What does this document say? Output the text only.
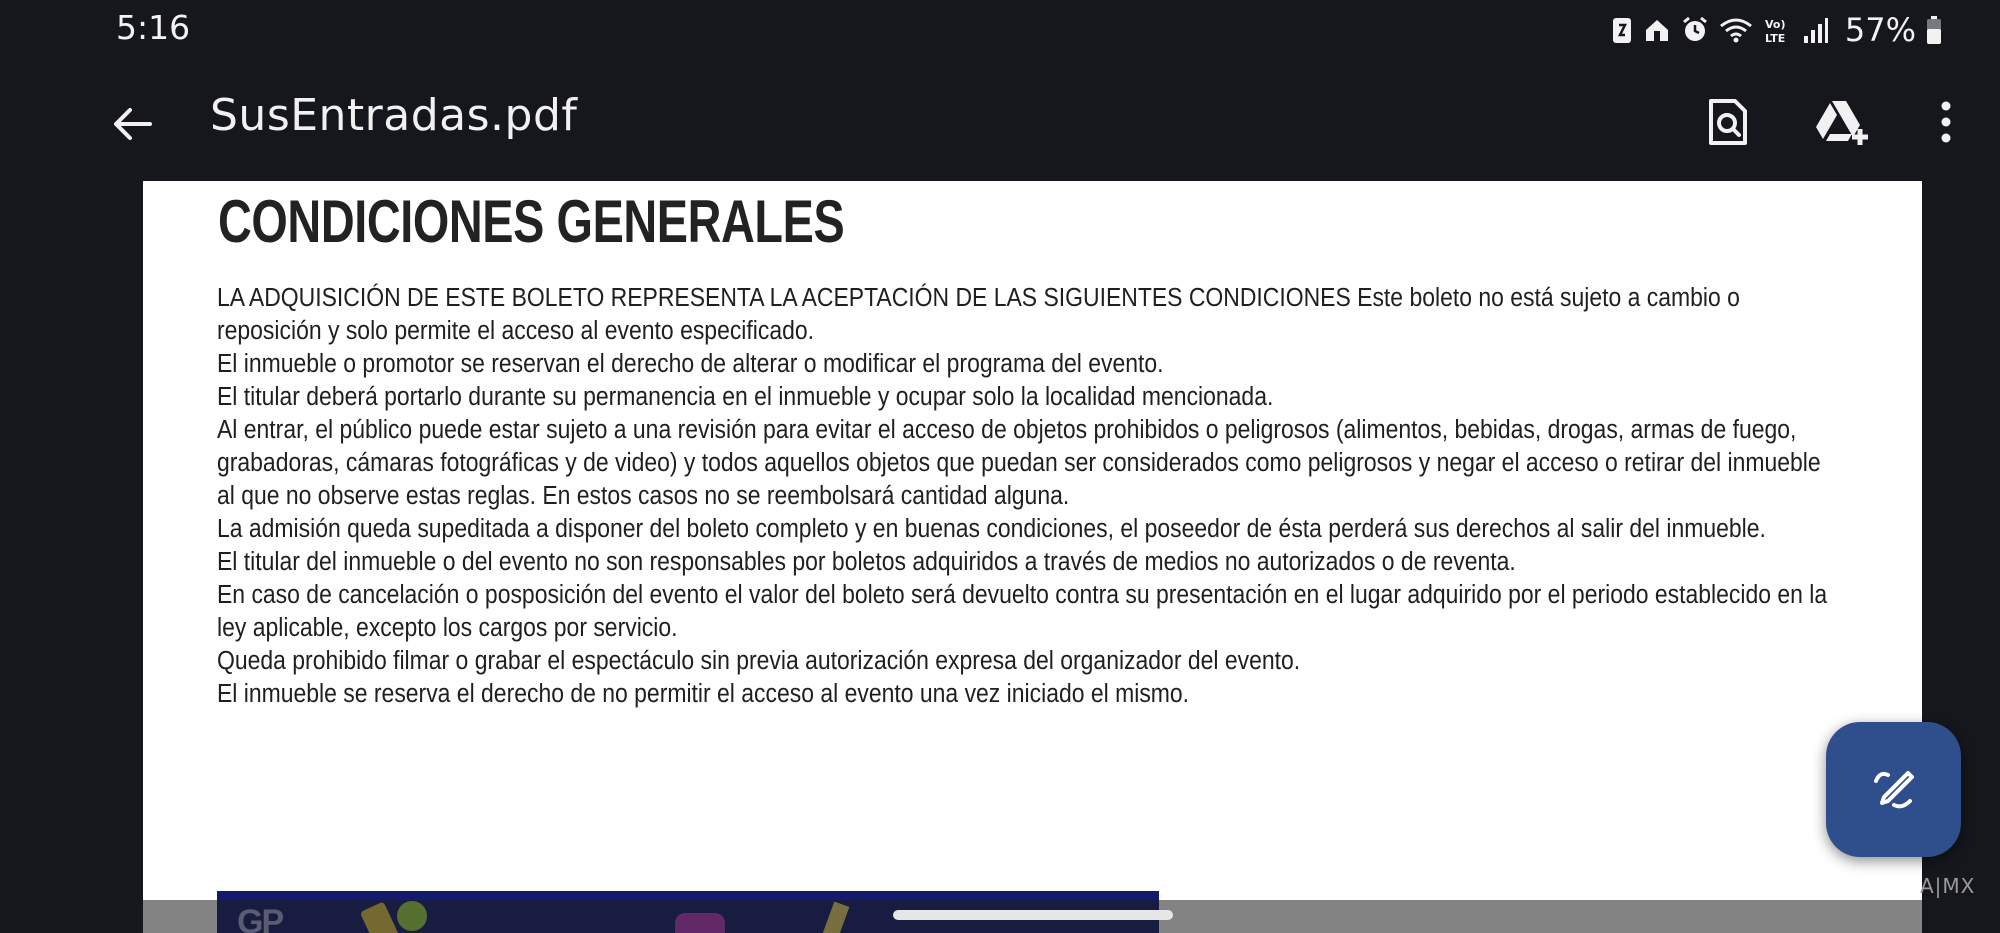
5:16	Vo)
LTE 57%
SusEntradas.pdf
CONDICIONES GENERALES

LA ADQUISICIÓN DE ESTE BOLETO REPRESENTA LA ACEPTACIÓN DE LAS SIGUIENTES CONDICIONES Este boleto no está sujeto a cambio o reposición y solo permite el acceso al evento especificado.

El inmueble o promotor se reservan el derecho de alterar o modificar el programa del evento.

El titular deberá portarlo durante su permanencia en el inmueble y ocupar solo la localidad mencionada.

Al entrar, el público puede estar sujeto a una revisión para evitar el acceso de objetos prohibidos o peligrosos (alimentos, bebidas, drogas, armas de fuego, grabadoras, cámaras fotográficas y de video) y todos aquellos objetos que puedan ser considerados como peligrosos y negar el acceso o retirar del inmueble al que no observe estas reglas. En estos casos no se reembolsará cantidad alguna.

La admisión queda supeditada a disponer del boleto completo y en buenas condiciones, el poseedor de ésta perderá sus derechos al salir del inmueble.

El titular del inmueble o del evento no son responsables por boletos adquiridos a través de medios no autorizados o de reventa.

En caso de cancelación o posposición del evento el valor del boleto será devuelto contra su presentación en el lugar adquirido por el periodo establecido en la ley aplicable, excepto los cargos por servicio.

Queda prohibido filmar o grabar el espectáculo sin previa autorización expresa del organizador del evento.

El inmueble se reserva el derecho de no permitir el acceso al evento una vez iniciado el mismo.

A|MX
